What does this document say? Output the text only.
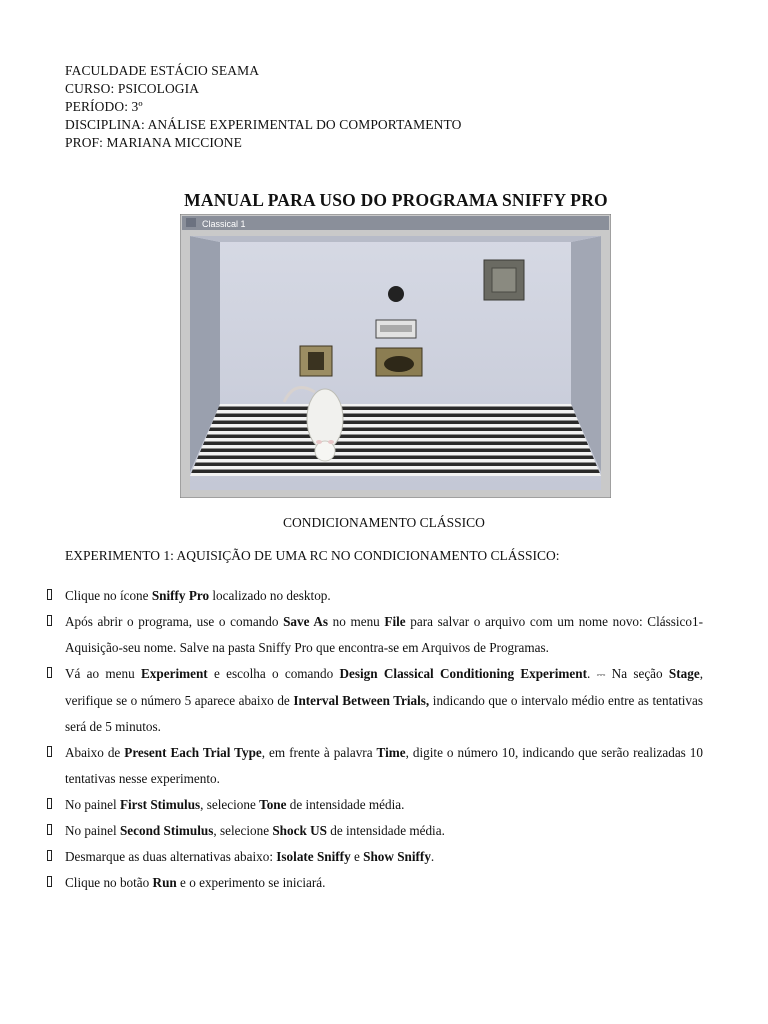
FACULDADE ESTÁCIO SEAMA
CURSO: PSICOLOGIA
PERÍODO: 3º
DISCIPLINA: ANÁLISE EXPERIMENTAL DO COMPORTAMENTO
PROF: MARIANA MICCIONE
MANUAL PARA USO DO PROGRAMA SNIFFY PRO
Classical 1
CONDICIONAMENTO CLÁSSICO
EXPERIMENTO 1: AQUISIÇÃO DE UMA RC NO CONDICIONAMENTO CLÁSSICO:
Clique no ícone Sniffy Pro localizado no desktop.
Após abrir o programa, use o comando Save As no menu File para salvar o arquivo com um nome novo: Clássico1-Aquisição-seu nome. Salve na pasta Sniffy Pro que encontra-se em Arquivos de Programas.
Vá ao menu Experiment e escolha o comando Design Classical Conditioning Experiment. ⎓ Na seção Stage, verifique se o número 5 aparece abaixo de Interval Between Trials, indicando que o intervalo médio entre as tentativas será de 5 minutos.
Abaixo de Present Each Trial Type, em frente à palavra Time, digite o número 10, indicando que serão realizadas 10 tentativas nesse experimento.
No painel First Stimulus, selecione Tone de intensidade média.
No painel Second Stimulus, selecione Shock US de intensidade média.
Desmarque as duas alternativas abaixo: Isolate Sniffy e Show Sniffy.
Clique no botão Run e o experimento se iniciará.
